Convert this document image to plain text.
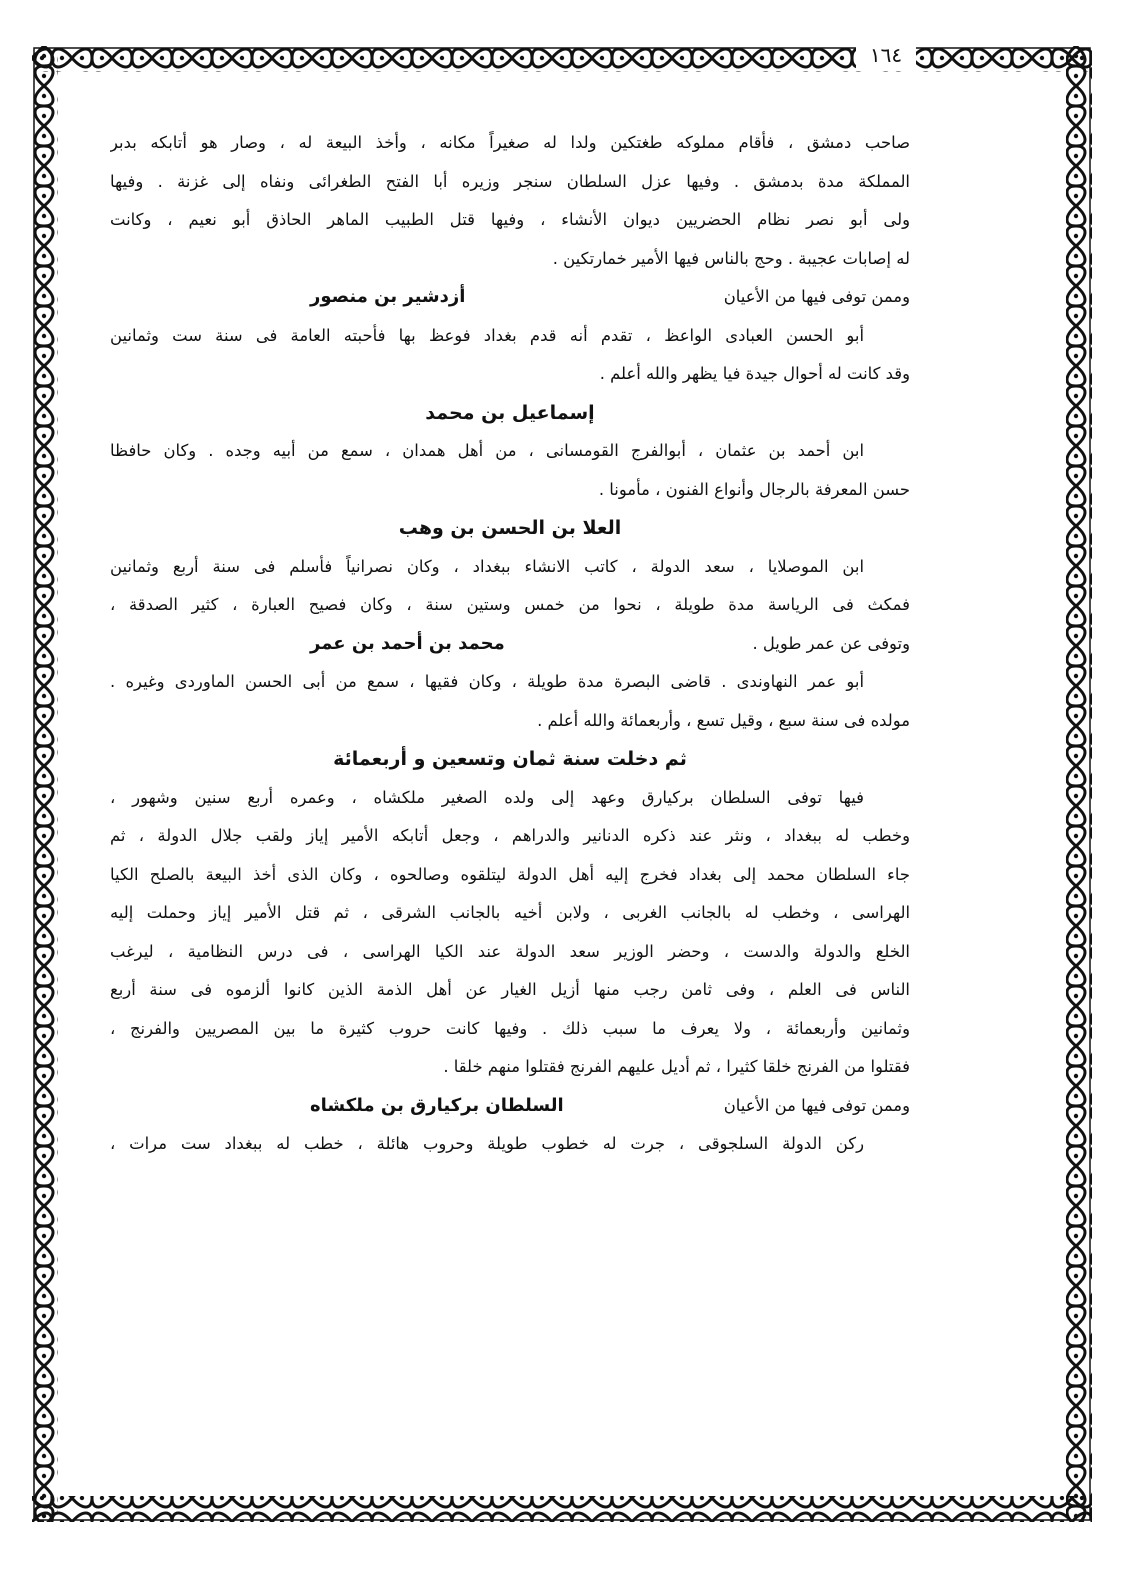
١٦٤
صاحب دمشق ، فأقام مملوكه طغتكين ولدا له صغيراً مكانه ، وأخذ البيعة له ، وصار هو أتابكه بدبر
المملكة مدة بدمشق . وفيها عزل السلطان سنجر وزيره أبا الفتح الطغرائى ونفاه إلى غزنة . وفيها
ولى أبو نصر نظام الحضريين ديوان الأنشاء ، وفيها قتل الطبيب الماهر الحاذق أبو نعيم ، وكانت
له إصابات عجيبة . وحج بالناس فيها الأمير خمارتكين .
وممن توفى فيها من الأعيان
أزدشير بن منصور
أبو الحسن العبادى الواعظ ، تقدم أنه قدم بغداد فوعظ بها فأحبته العامة فى سنة ست وثمانين
وقد كانت له أحوال جيدة فيا يظهر والله أعلم .
إسماعيل بن محمد
ابن أحمد بن عثمان ، أبوالفرج القومسانى ، من أهل همدان ، سمع من أبيه وجده . وكان حافظا
حسن المعرفة بالرجال وأنواع الفنون ، مأمونا .
العلا بن الحسن بن وهب
ابن الموصلايا ، سعد الدولة ، كاتب الانشاء ببغداد ، وكان نصرانياً فأسلم فى سنة أربع وثمانين
فمكث فى الرياسة مدة طويلة ، نحوا من خمس وستين سنة ، وكان فصيح العبارة ، كثير الصدقة ،
وتوفى عن عمر طويل .
محمد بن أحمد بن عمر
أبو عمر النهاوندى . قاضى البصرة مدة طويلة ، وكان فقيها ، سمع من أبى الحسن الماوردى وغيره .
مولده فى سنة سبع ، وقيل تسع ، وأربعمائة والله أعلم .
ثم دخلت سنة ثمان وتسعين و أربعمائة
فيها توفى السلطان بركيارق وعهد إلى ولده الصغير ملكشاه ، وعمره أربع سنين وشهور ،
وخطب له ببغداد ، ونثر عند ذكره الدنانير والدراهم ، وجعل أتابكه الأمير إياز ولقب جلال الدولة ، ثم
جاء السلطان محمد إلى بغداد فخرج إليه أهل الدولة ليتلقوه وصالحوه ، وكان الذى أخذ البيعة بالصلح الكيا
الهراسى ، وخطب له بالجانب الغربى ، ولابن أخيه بالجانب الشرقى ، ثم قتل الأمير إياز وحملت إليه
الخلع والدولة والدست ، وحضر الوزير سعد الدولة عند الكيا الهراسى ، فى درس النظامية ، ليرغب
الناس فى العلم ، وفى ثامن رجب منها أزيل الغيار عن أهل الذمة الذين كانوا ألزموه فى سنة أربع
وثمانين وأربعمائة ، ولا يعرف ما سبب ذلك . وفيها كانت حروب كثيرة ما بين المصريين والفرنج ،
فقتلوا من الفرنج خلقا كثيرا ، ثم أديل عليهم الفرنج فقتلوا منهم خلقا .
وممن توفى فيها من الأعيان
السلطان بركيارق بن ملكشاه
ركن الدولة السلجوقى ، جرت له خطوب طويلة وحروب هائلة ، خطب له ببغداد ست مرات ،
